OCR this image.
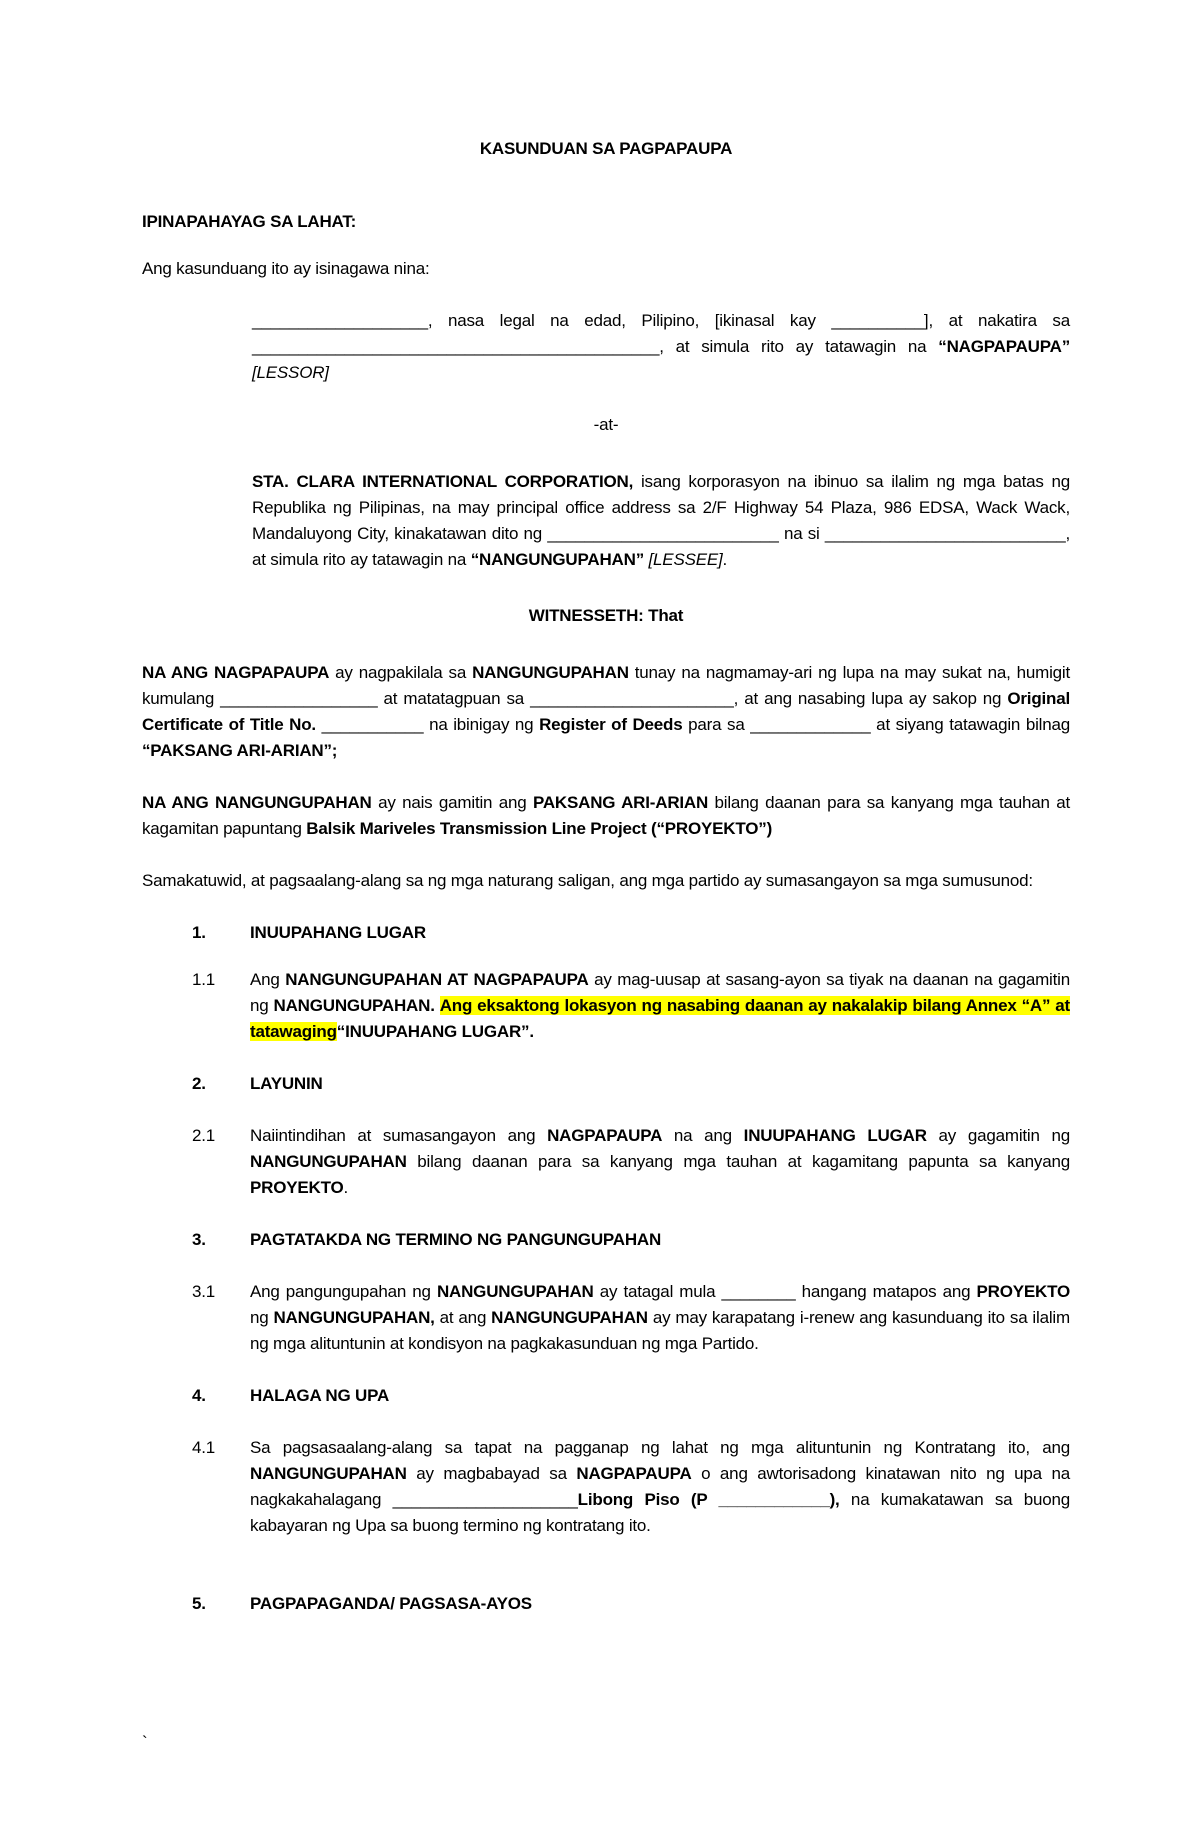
KASUNDUAN SA PAGPAPAUPA
IPINAPAHAYAG SA LAHAT:
Ang kasunduang ito ay isinagawa nina:
___________________, nasa legal na edad, Pilipino, [ikinasal kay __________], at nakatira sa ____________________________________________, at simula rito ay tatawagin na “NAGPAPAUPA” [LESSOR]
-at-
STA. CLARA INTERNATIONAL CORPORATION, isang korporasyon na ibinuo sa ilalim ng mga batas ng Republika ng Pilipinas, na may principal office address sa 2/F Highway 54 Plaza, 986 EDSA, Wack Wack, Mandaluyong City, kinakatawan dito ng _________________________ na si __________________________, at simula rito ay tatawagin na “NANGUNGUPAHAN” [LESSEE].
WITNESSETH: That
NA ANG NAGPAPAUPA ay nagpakilala sa NANGUNGUPAHAN tunay na nagmamay-ari ng lupa na may sukat na, humigit kumulang _________________ at matatagpuan sa ______________________, at ang nasabing lupa ay sakop ng Original Certificate of Title No. ___________ na ibinigay ng Register of Deeds para sa _____________ at siyang tatawagin bilnag “PAKSANG ARI-ARIAN”;
NA ANG NANGUNGUPAHAN ay nais gamitin ang PAKSANG ARI-ARIAN bilang daanan para sa kanyang mga tauhan at kagamitan papuntang Balsik Mariveles Transmission Line Project (“PROYEKTO”)
Samakatuwid, at pagsaalang-alang sa ng mga naturang saligan, ang mga partido ay sumasangayon sa mga sumusunod:
1.	INUUPAHANG LUGAR
1.1	Ang NANGUNGUPAHAN AT NAGPAPAUPA ay mag-uusap at sasang-ayon sa tiyak na daanan na gagamitin ng NANGUNGUPAHAN. Ang eksaktong lokasyon ng nasabing daanan ay nakalakip bilang Annex “A” at tatawaging“INUUPAHANG LUGAR”.
2.	LAYUNIN
2.1	Naiintindihan at sumasangayon ang NAGPAPAUPA na ang INUUPAHANG LUGAR ay gagamitin ng NANGUNGUPAHAN bilang daanan para sa kanyang mga tauhan at kagamitang papunta sa kanyang PROYEKTO.
3.	PAGTATAKDA NG TERMINO NG PANGUNGUPAHAN
3.1	Ang pangungupahan ng NANGUNGUPAHAN ay tatagal mula ________ hangang matapos ang PROYEKTO ng NANGUNGUPAHAN, at ang NANGUNGUPAHAN ay may karapatang i-renew ang kasunduang ito sa ilalim ng mga alituntunin at kondisyon na pagkakasunduan ng mga Partido.
4.	HALAGA NG UPA
4.1	Sa pagsasaalang-alang sa tapat na pagganap ng lahat ng mga alituntunin ng Kontratang ito, ang NANGUNGUPAHAN ay magbabayad sa NAGPAPAUPA o ang awtorisadong kinatawan nito ng upa na nagkakahalagang ____________________Libong Piso (P ____________), na kumakatawan sa buong kabayaran ng Upa sa buong termino ng kontratang ito.
5.	PAGPAPAGANDA/ PAGSASA-AYOS
`
